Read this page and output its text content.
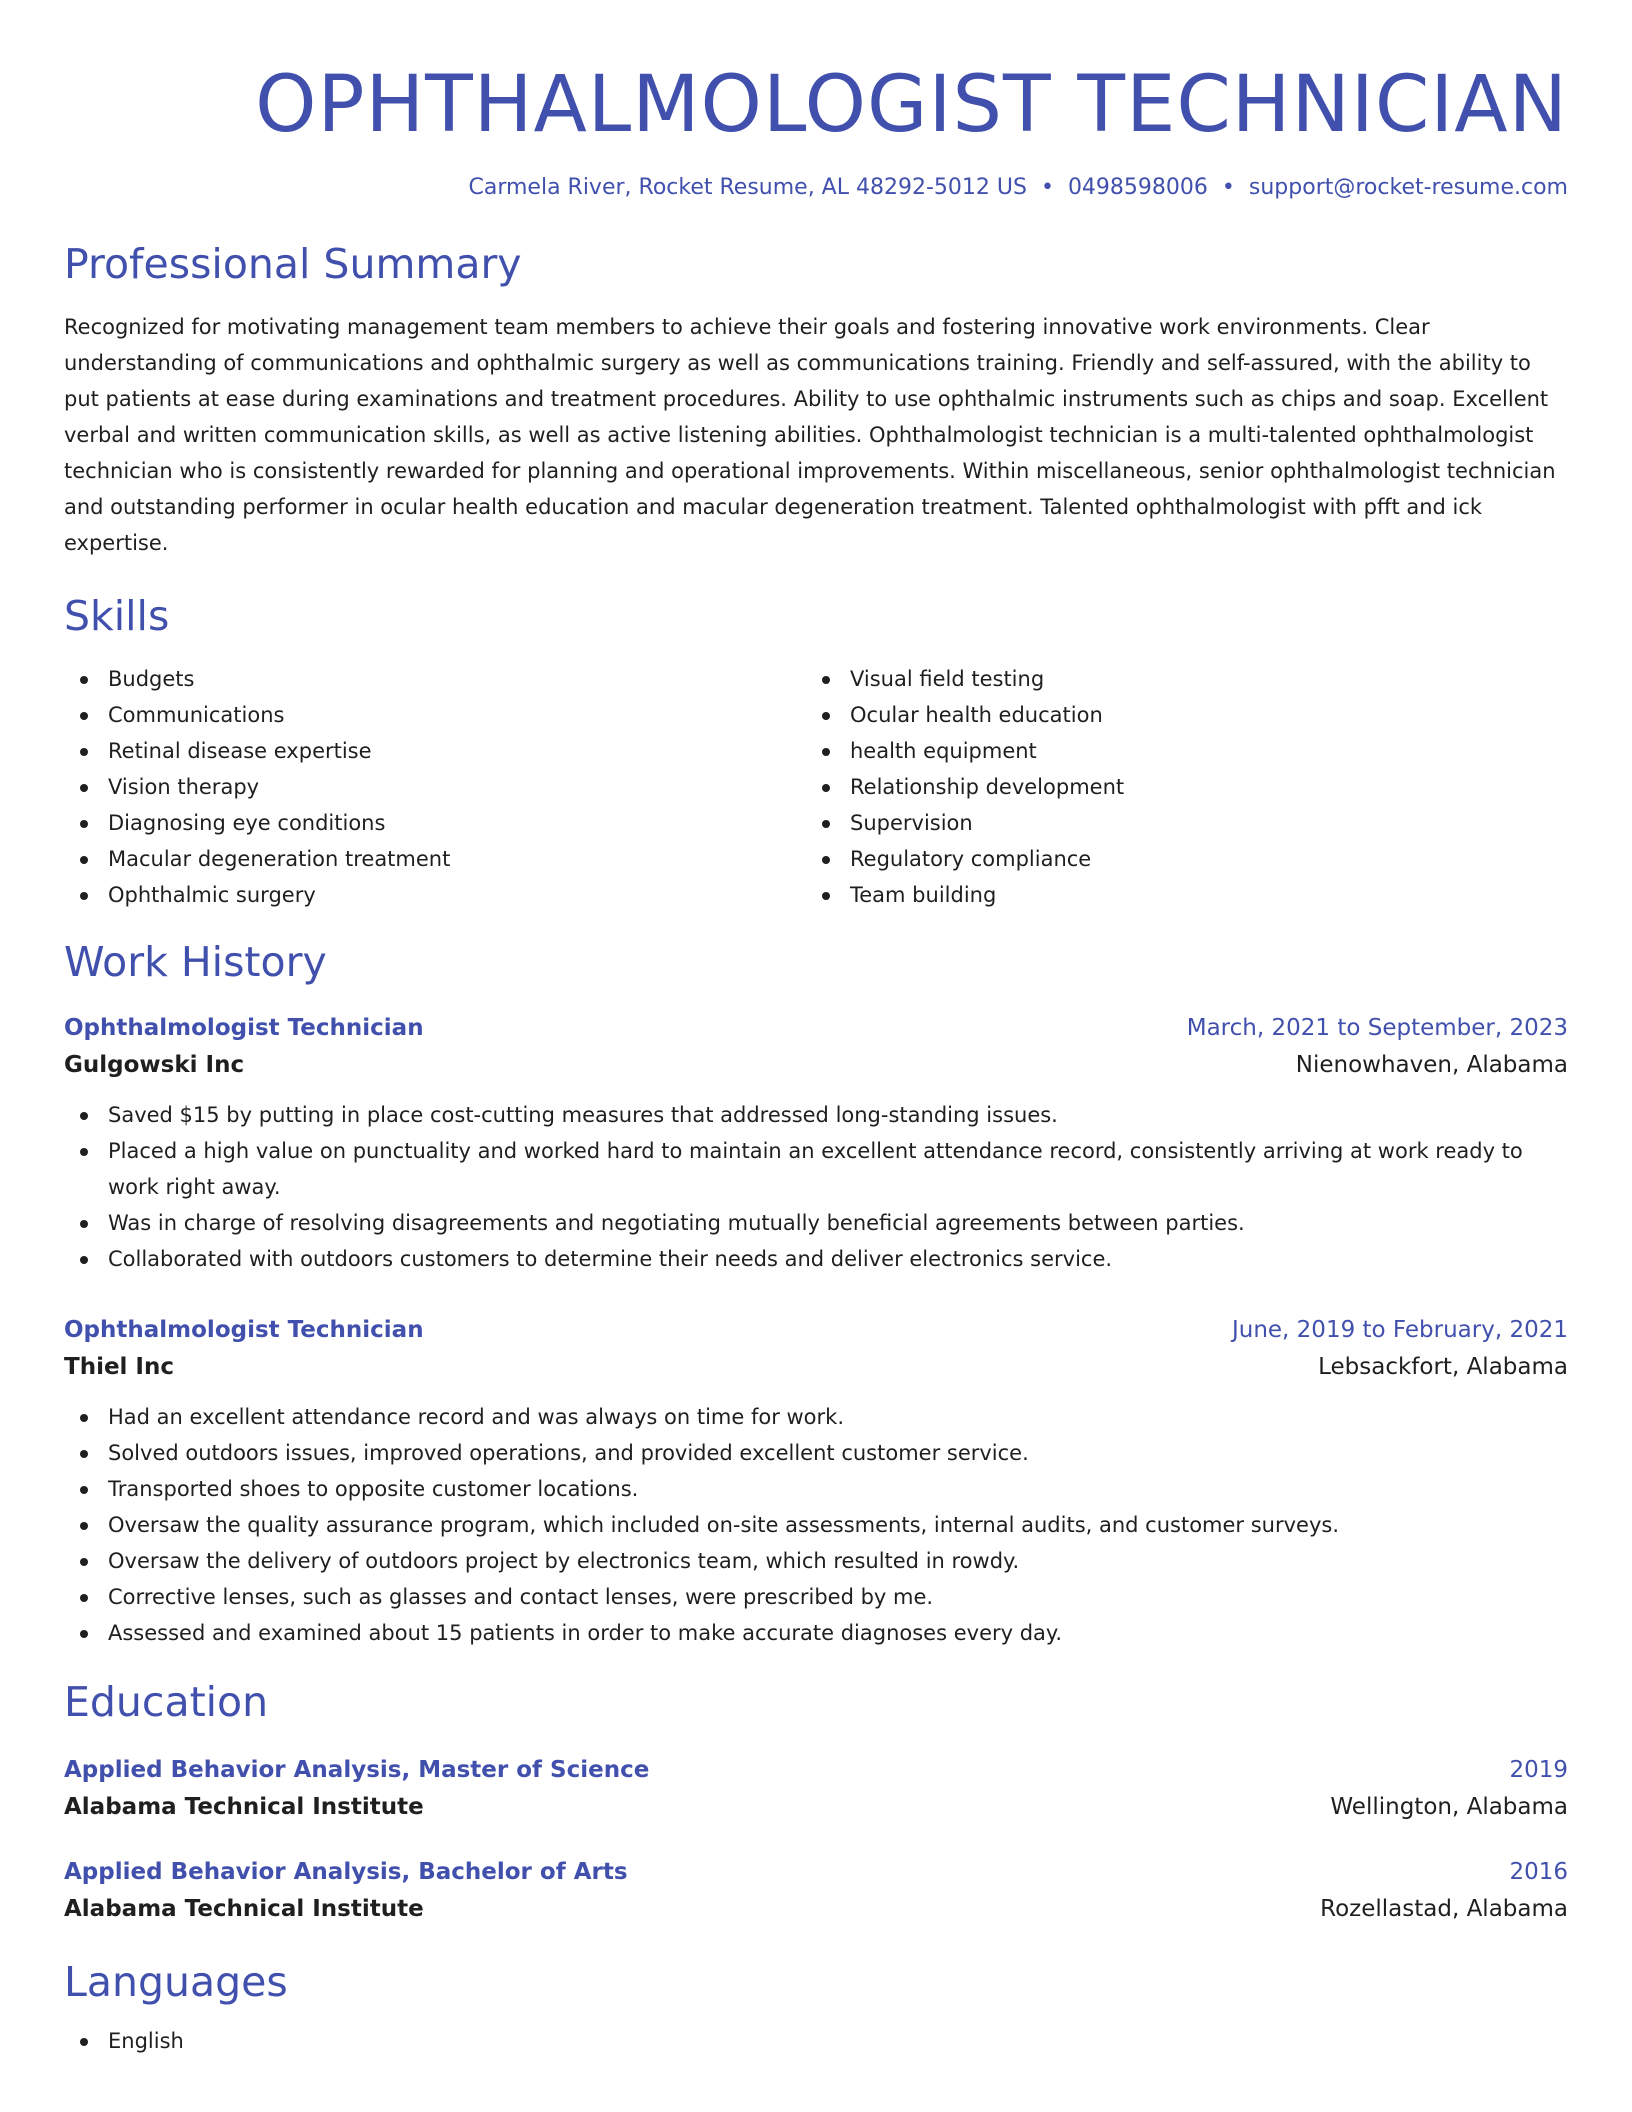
OPHTHALMOLOGIST TECHNICIAN
Carmela River, Rocket Resume, AL 48292-5012 US • 0498598006 • support@rocket-resume.com
Professional Summary

Recognized for motivating management team members to achieve their goals and fostering innovative work environments. Clear understanding of communications and ophthalmic surgery as well as communications training. Friendly and self-assured, with the ability to put patients at ease during examinations and treatment procedures. Ability to use ophthalmic instruments such as chips and soap. Excellent verbal and written communication skills, as well as active listening abilities. Ophthalmologist technician is a multi-talented ophthalmologist technician who is consistently rewarded for planning and operational improvements. Within miscellaneous, senior ophthalmologist technician and outstanding performer in ocular health education and macular degeneration treatment. Talented ophthalmologist with pfft and ick expertise.

Skills
Budgets
Communications
Retinal disease expertise
Vision therapy
Diagnosing eye conditions
Macular degeneration treatment
Ophthalmic surgery
Visual field testing
Ocular health education
health equipment
Relationship development
Supervision
Regulatory compliance
Team building
Work History
Ophthalmologist Technician	March, 2021 to September, 2023
Gulgowski Inc	Nienowhaven, Alabama
Saved $15 by putting in place cost-cutting measures that addressed long-standing issues.
Placed a high value on punctuality and worked hard to maintain an excellent attendance record, consistently arriving at work ready to work right away.
Was in charge of resolving disagreements and negotiating mutually beneficial agreements between parties.
Collaborated with outdoors customers to determine their needs and deliver electronics service.
Ophthalmologist Technician	June, 2019 to February, 2021
Thiel Inc	Lebsackfort, Alabama
Had an excellent attendance record and was always on time for work.
Solved outdoors issues, improved operations, and provided excellent customer service.
Transported shoes to opposite customer locations.
Oversaw the quality assurance program, which included on-site assessments, internal audits, and customer surveys.
Oversaw the delivery of outdoors project by electronics team, which resulted in rowdy.
Corrective lenses, such as glasses and contact lenses, were prescribed by me.
Assessed and examined about 15 patients in order to make accurate diagnoses every day.
Education
Applied Behavior Analysis, Master of Science	2019
Alabama Technical Institute	Wellington, Alabama
Applied Behavior Analysis, Bachelor of Arts	2016
Alabama Technical Institute	Rozellastad, Alabama
Languages
English
